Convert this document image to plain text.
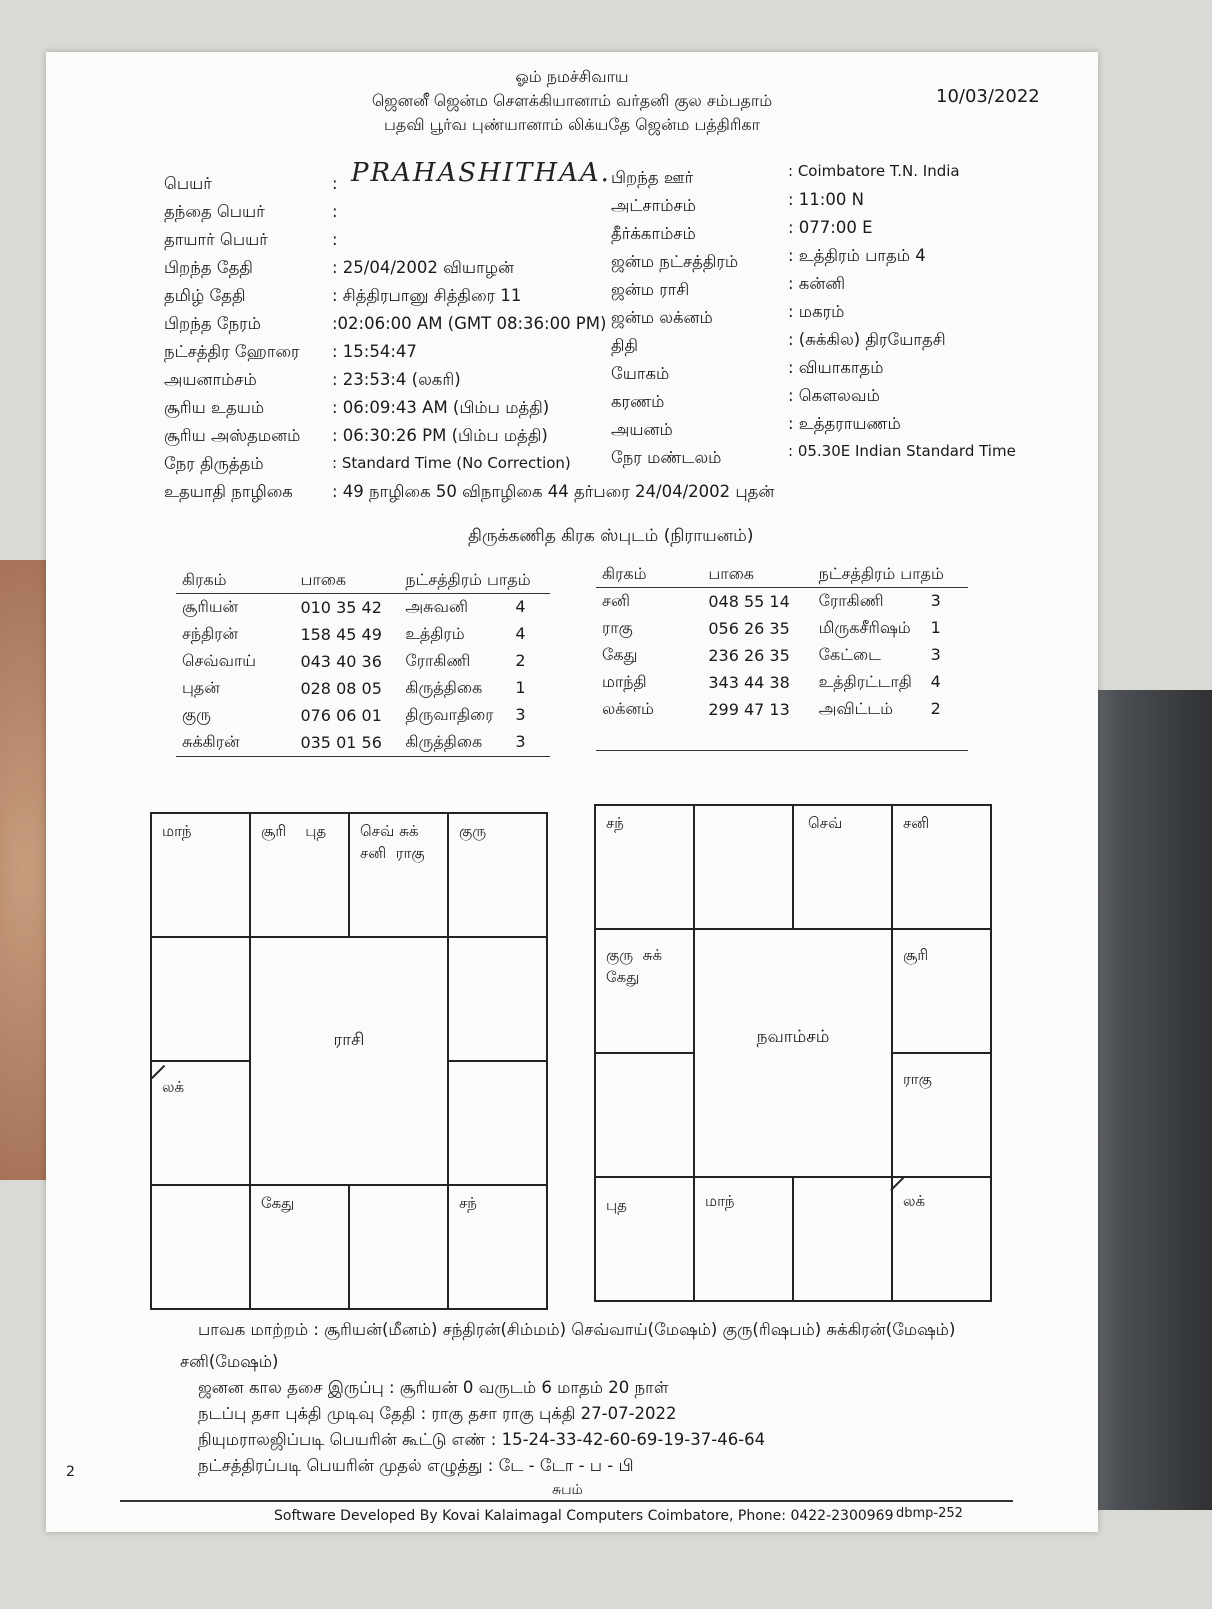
ஓம் நமச்சிவாய
ஜெனனீ ஜென்ம சௌக்கியானாம் வர்தனி குல சம்பதாம்
பதவி பூர்வ புண்யானாம் லிக்யதே ஜென்ம பத்திரிகா
10/03/2022
பெயர்	:
தந்தை பெயர்	:
தாயார் பெயர்	:
பிறந்த தேதி	: 25/04/2002 வியாழன்
தமிழ் தேதி	: சித்திரபானு சித்திரை 11
பிறந்த நேரம்	:02:06:00 AM (GMT 08:36:00 PM)
நட்சத்திர ஹோரை : 15:54:47
அயனாம்சம்	: 23:53:4 (லகரி)
சூரிய உதயம்	: 06:09:43 AM (பிம்ப மத்தி)
சூரிய அஸ்தமனம் : 06:30:26 PM (பிம்ப மத்தி)
நேர திருத்தம்	: Standard Time (No Correction)
உதயாதி நாழிகை : 49 நாழிகை 50 விநாழிகை 44 தர்பரை 24/04/2002 புதன்
PRAHASHITHAA. பிறந்த ஊர்	: Coimbatore T.N. India
அட்சாம்சம்	: 11:00 N
தீர்க்காம்சம்	: 077:00 E
ஜன்ம நட்சத்திரம்	: உத்திரம் பாதம் 4
ஜன்ம ராசி	: கன்னி
ஜன்ம லக்னம்	: மகரம்
திதி	: (சுக்கில) திரயோதசி
யோகம்	: வியாகாதம்
கரணம்	: கௌலவம்
அயனம்	: உத்தராயணம்
நேர மண்டலம்	: 05.30E Indian Standard Time
திருக்கணித கிரக ஸ்புடம் (நிராயனம்)
கிரகம்	பாகை	நட்சத்திரம் பாதம்
சூரியன்	010 35 42	அசுவனி 4
சந்திரன்	158 45 49	உத்திரம் 4
செவ்வாய்	043 40 36	ரோகிணி 2
புதன்	028 08 05	கிருத்திகை 1
குரு	076 06 01	திருவாதிரை 3
சுக்கிரன்	035 01 56	கிருத்திகை 3
கிரகம்	பாகை	நட்சத்திரம் பாதம்
சனி	048 55 14	ரோகிணி 3
ராகு	056 26 35	மிருகசீரிஷம் 1
கேது	236 26 35	கேட்டை 3
மாந்தி	343 44 38	உத்திரட்டாதி 4
லக்னம்	299 47 13	அவிட்டம் 2

மாந்	சூரி    புத	செவ் சுக்
சனி  ராகு
குரு
லக்
கேது	சந்
ராசி
சந்	செவ்	சனி
குரு  சுக்
கேது
சூரி
ராகு
புத	மாந்	லக்
நவாம்சம்
பாவக மாற்றம் : சூரியன்(மீனம்) சந்திரன்(சிம்மம்) செவ்வாய்(மேஷம்) குரு(ரிஷபம்) சுக்கிரன்(மேஷம்)
சனி(மேஷம்)
ஜனன கால தசை இருப்பு : சூரியன் 0 வருடம் 6 மாதம் 20 நாள்
நடப்பு தசா புக்தி முடிவு தேதி : ராகு தசா ராகு புக்தி 27-07-2022
நியுமராலஜிப்படி பெயரின் கூட்டு எண் : 15-24-33-42-60-69-19-37-46-64
நட்சத்திரப்படி பெயரின் முதல் எழுத்து : டே - டோ - ப - பி
சுபம்
Software Developed By Kovai Kalaimagal Computers Coimbatore, Phone: 0422-2300969 dbmp-252
2
